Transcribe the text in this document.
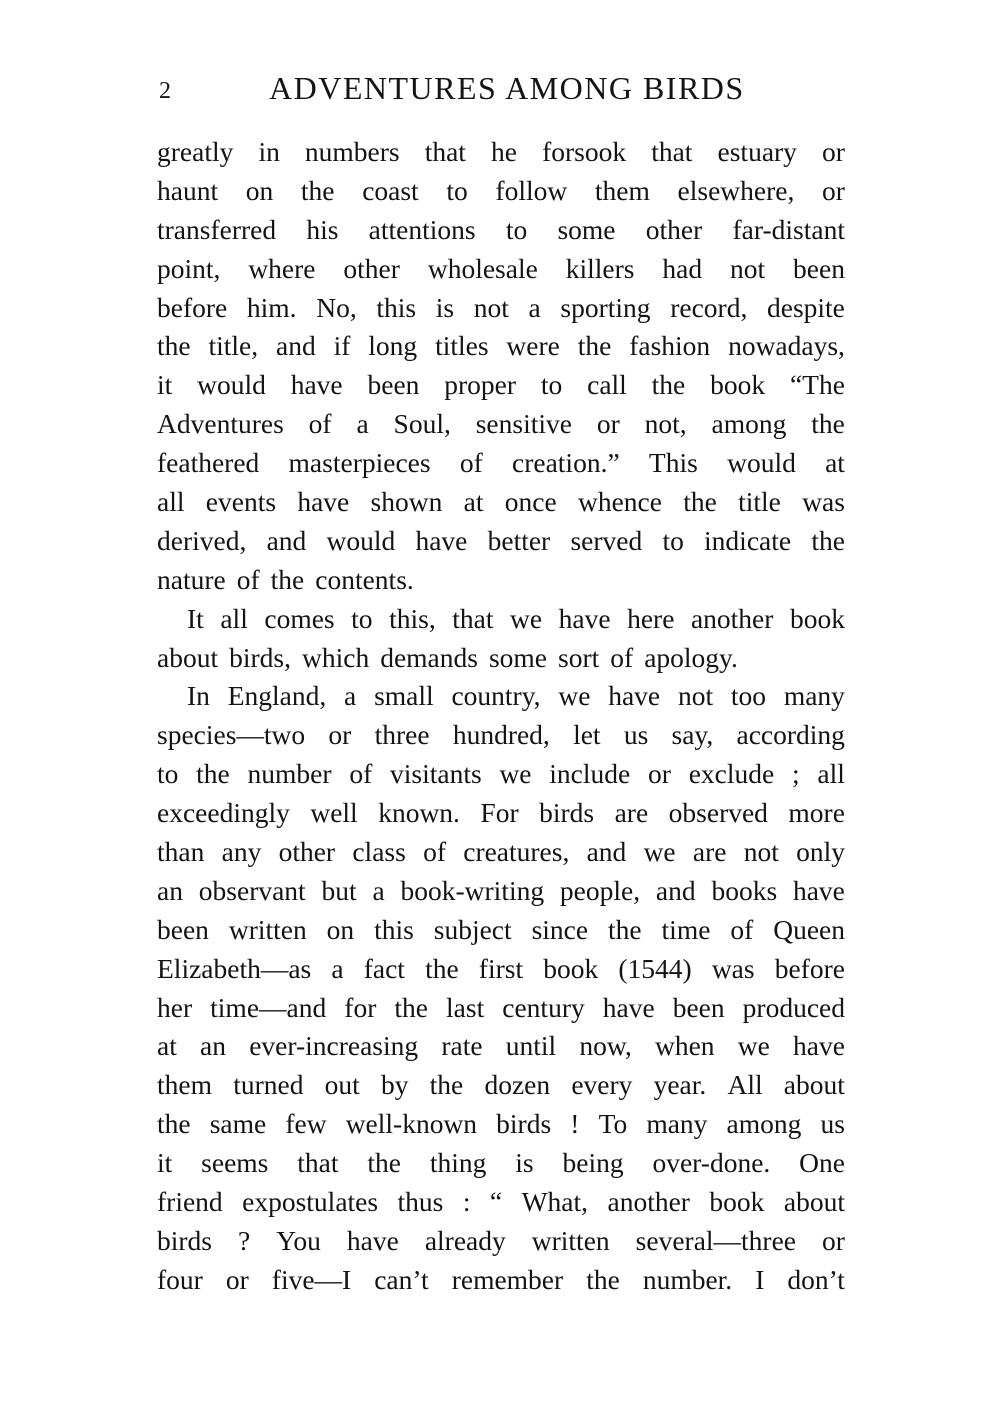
2	ADVENTURES AMONG BIRDS
greatly in numbers that he forsook that estuary or
haunt on the coast to follow them elsewhere, or
transferred his attentions to some other far-distant
point, where other wholesale killers had not been
before him. No, this is not a sporting record, despite
the title, and if long titles were the fashion nowadays,
it would have been proper to call the book “The
Adventures of a Soul, sensitive or not, among the
feathered masterpieces of creation.” This would at
all events have shown at once whence the title was
derived, and would have better served to indicate the
nature of the contents.
It all comes to this, that we have here another book
about birds, which demands some sort of apology.
In England, a small country, we have not too many
species—two or three hundred, let us say, according
to the number of visitants we include or exclude ; all
exceedingly well known. For birds are observed more
than any other class of creatures, and we are not only
an observant but a book-writing people, and books have
been written on this subject since the time of Queen
Elizabeth—as a fact the first book (1544) was before
her time—and for the last century have been produced
at an ever-increasing rate until now, when we have
them turned out by the dozen every year. All about
the same few well-known birds ! To many among us
it seems that the thing is being over-done. One
friend expostulates thus : “ What, another book about
birds ? You have already written several—three or
four or five—I can’t remember the number. I don’t
